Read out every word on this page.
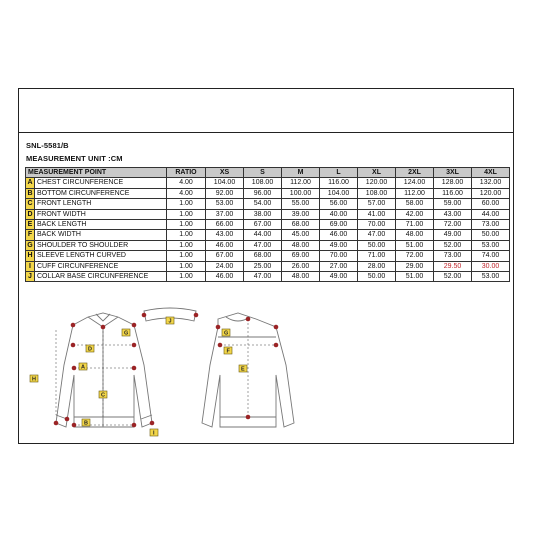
SNL-5581/B
MEASUREMENT UNIT :CM
MEASUREMENT POINT		RATIO	XS	S	M	L	XL	2XL	3XL	4XL
A	CHEST CIRCUNFERENCE	4.00	104.00	108.00	112.00	116.00	120.00	124.00	128.00	132.00
B	BOTTOM CIRCUNFERENCE	4.00	92.00	96.00	100.00	104.00	108.00	112.00	116.00	120.00
C	FRONT LENGTH	1.00	53.00	54.00	55.00	56.00	57.00	58.00	59.00	60.00
D	FRONT WIDTH	1.00	37.00	38.00	39.00	40.00	41.00	42.00	43.00	44.00
E	BACK LENGTH	1.00	66.00	67.00	68.00	69.00	70.00	71.00	72.00	73.00
F	BACK WIDTH	1.00	43.00	44.00	45.00	46.00	47.00	48.00	49.00	50.00
G	SHOULDER TO SHOULDER	1.00	46.00	47.00	48.00	49.00	50.00	51.00	52.00	53.00
H	SLEEVE LENGTH CURVED	1.00	67.00	68.00	69.00	70.00	71.00	72.00	73.00	74.00
I	CUFF CIRCUNFERENCE	1.00	24.00	25.00	26.00	27.00	28.00	29.00	29.50	30.00
J	COLLAR BASE CIRCUNFERENCE	1.00	46.00	47.00	48.00	49.00	50.00	51.00	52.00	53.00
D
A
H
C
B
I
G
J
G
F
E
